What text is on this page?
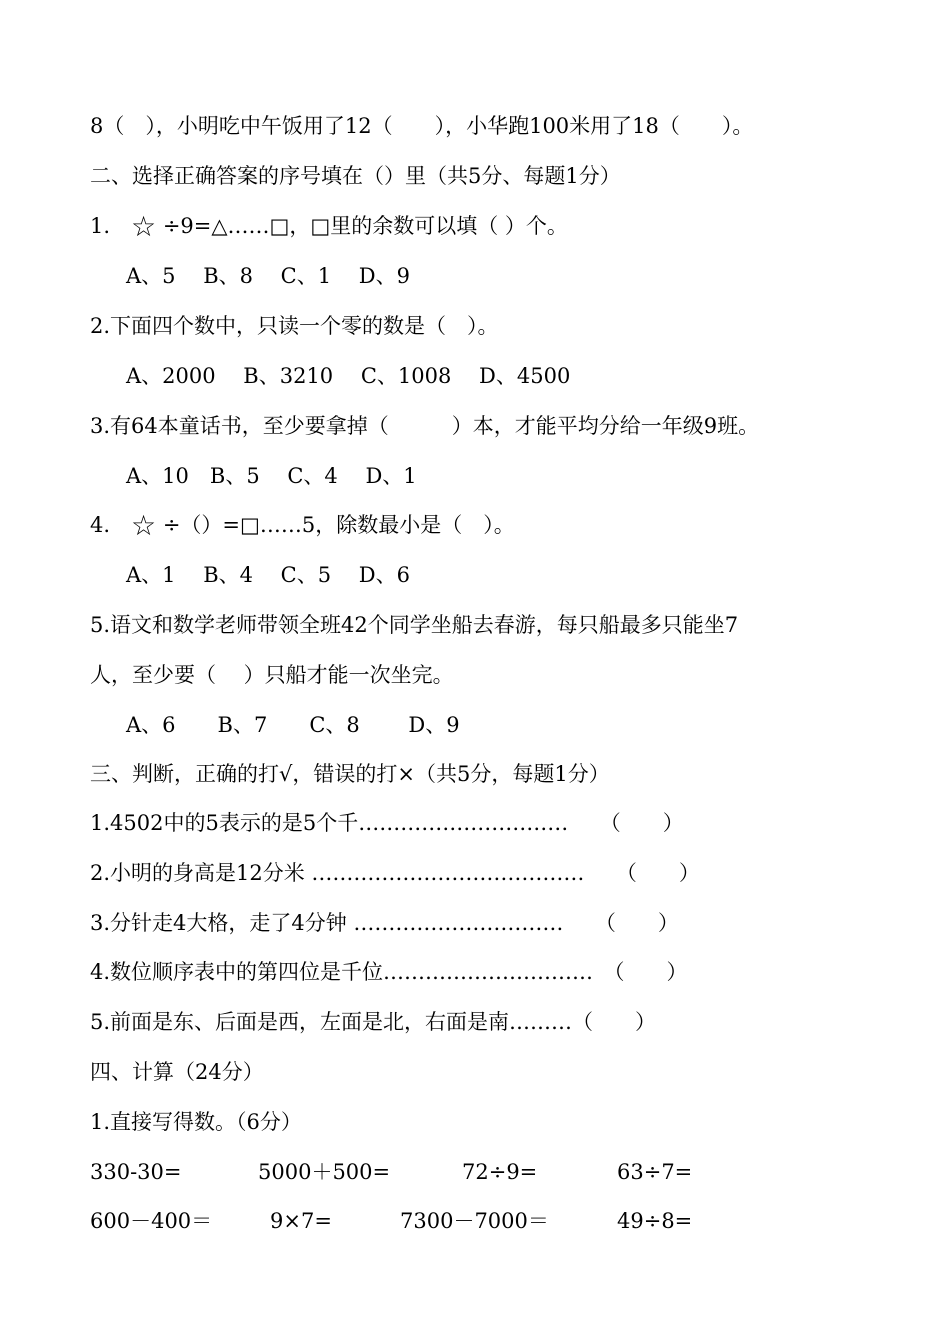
8（　），小明吃中午饭用了12（　　），小华跑100米用了18（　　）。
二、选择正确答案的序号填在（）里（共5分、每题1分）
1.　☆ ÷9=△……□，□里的余数可以填（ ）个。
A、5　 B、8　 C、1　 D、9
2.下面四个数中，只读一个零的数是（　）。
A、2000　 B、3210　 C、1008　 D、4500
3.有64本童话书，至少要拿掉（　　　）本，才能平均分给一年级9班。
A、10　B、5　 C、4　 D、1
4.　☆ ÷（）=□……5，除数最小是（　）。
A、1　 B、4　 C、5　 D、6
5.语文和数学老师带领全班42个同学坐船去春游，每只船最多只能坐7
人，至少要（　 ）只船才能一次坐完。
A、6　　B、7　　C、8　　 D、9
三、判断，正确的打√，错误的打×（共5分，每题1分）
1.4502中的5表示的是5个千…………………………　　（　　）
2.小明的身高是12分米 …………………………………　　（　　）
3.分针走4大格，走了4分钟 …………………………　　（　　）
4.数位顺序表中的第四位是千位…………………………　（　　）
5.前面是东、后面是西，左面是北，右面是南………（　　）
四、计算（24分）
1.直接写得数。（6分）
330-30=	5000＋500=	72÷9=	63÷7=
600－400＝	9×7=	7300－7000＝	49÷8=
